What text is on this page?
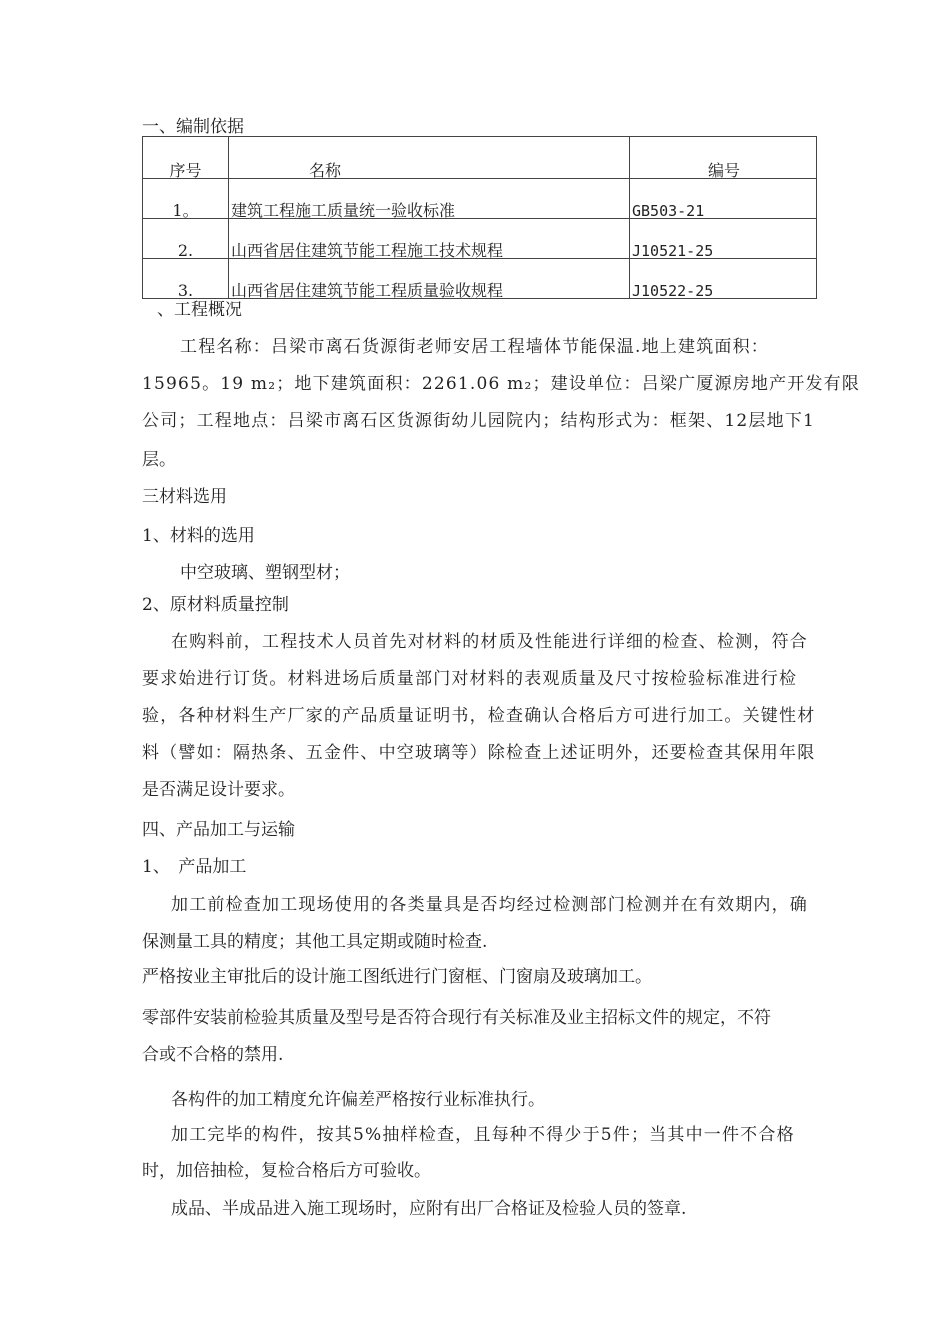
一、编制依据
序号	名称	编号

1。	建筑工程施工质量统一验收标准	GB503-21

2.	山西省居住建筑节能工程施工技术规程	J10521-25

3.	山西省居住建筑节能工程质量验收规程	J10522-25
、工程概况
工程名称：吕梁市离石货源街老师安居工程墙体节能保温.地上建筑面积：
15965。19 m₂；地下建筑面积：2261.06 m₂；建设单位：吕梁广厦源房地产开发有限
公司；工程地点：吕梁市离石区货源街幼儿园院内；结构形式为：框架、12层地下1
层。
三材料选用
1、材料的选用
中空玻璃、塑钢型材；
2、原材料质量控制
在购料前，工程技术人员首先对材料的材质及性能进行详细的检查、检测，符合
要求始进行订货。材料进场后质量部门对材料的表观质量及尺寸按检验标准进行检
验，各种材料生产厂家的产品质量证明书，检查确认合格后方可进行加工。关键性材
料（譬如：隔热条、五金件、中空玻璃等）除检查上述证明外，还要检查其保用年限
是否满足设计要求。
四、产品加工与运输
1、　产品加工
加工前检查加工现场使用的各类量具是否均经过检测部门检测并在有效期内，确
保测量工具的精度；其他工具定期或随时检查.
严格按业主审批后的设计施工图纸进行门窗框、门窗扇及玻璃加工。
零部件安装前检验其质量及型号是否符合现行有关标准及业主招标文件的规定，不符
合或不合格的禁用.
各构件的加工精度允许偏差严格按行业标准执行。
加工完毕的构件，按其5%抽样检查，且每种不得少于5件；当其中一件不合格
时，加倍抽检，复检合格后方可验收。
成品、半成品进入施工现场时，应附有出厂合格证及检验人员的签章.
